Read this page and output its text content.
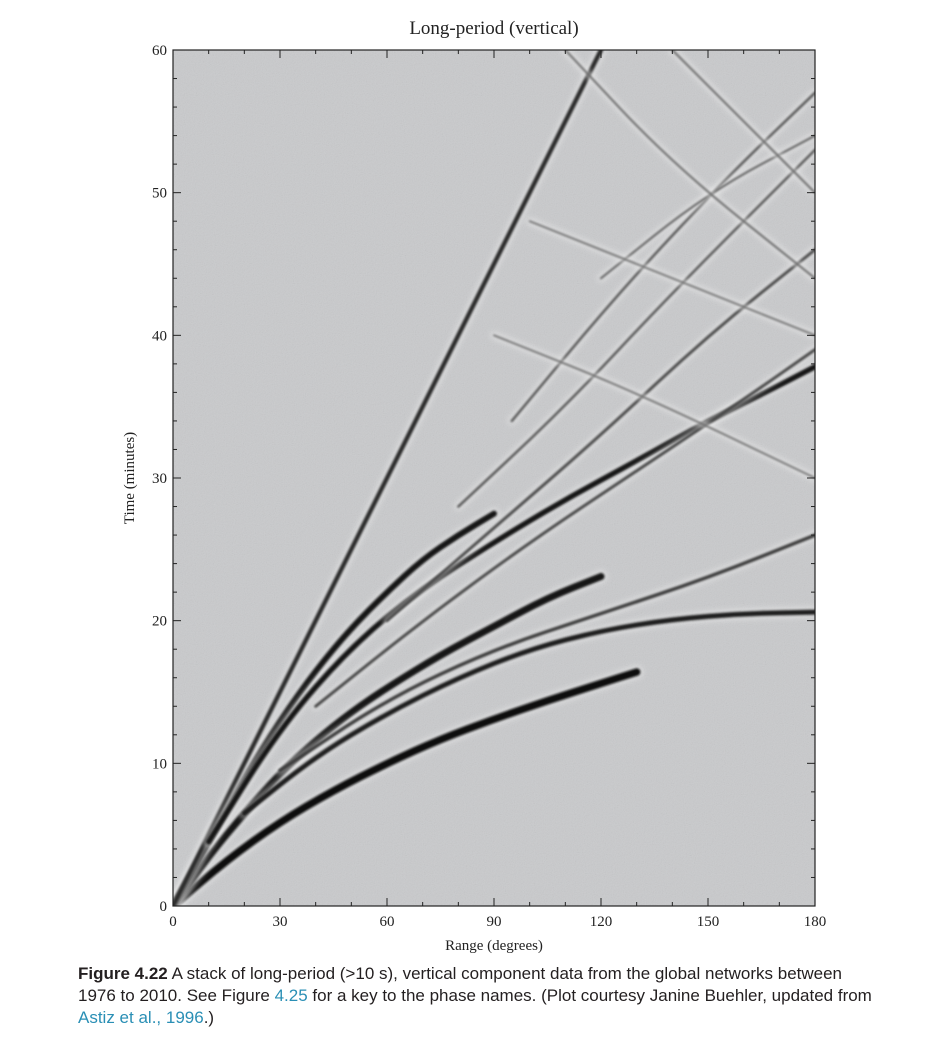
Long-period (vertical)
0	30	60	90	120	150	180
0
10
20
30
40
50
60
Range (degrees)
Time (minutes)
Figure 4.22 A stack of long-period (>10 s), vertical component data from the global networks between 1976 to 2010. See Figure 4.25 for a key to the phase names. (Plot courtesy Janine Buehler, updated from Astiz et al., 1996.)
